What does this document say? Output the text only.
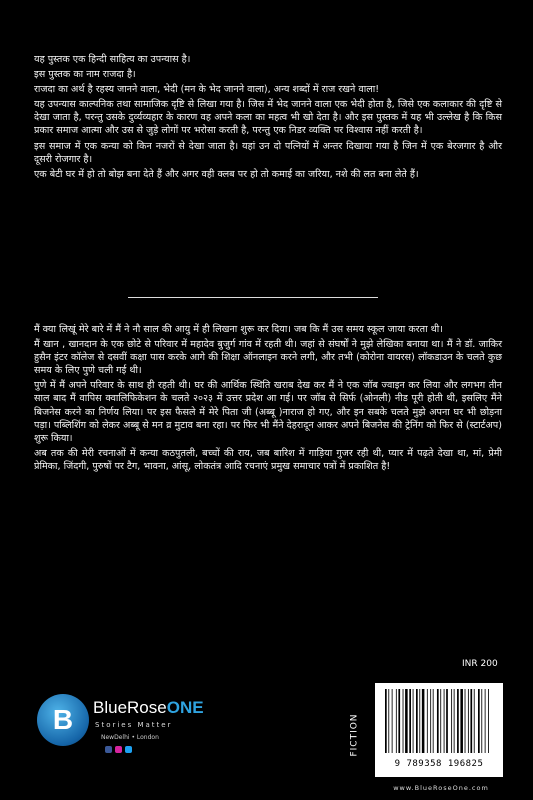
यह पुस्तक एक हिन्दी साहित्य का उपन्यास है।

इस पुस्तक का नाम राजदा है।

राजदा का अर्थ है रहस्य जानने वाला, भेदी (मन के भेद जानने वाला), अन्य शब्दों में राज रखने वाला!

यह उपन्यास काल्पनिक तथा सामाजिक दृष्टि से लिखा गया है। जिस में भेद जानने वाला एक भेदी होता है, जिसे एक कलाकार की दृष्टि से देखा जाता है, परन्तु उसके दुर्व्यव्यहार के कारण वह अपने कला का महत्व भी खो देता है। और इस पुस्तक में यह भी उल्लेख है कि किस प्रकार समाज आत्मा और उस से जुड़े लोगों पर भरोसा करती है, परन्तु एक निडर व्यक्ति पर विश्वास नहीं करती है।

इस समाज में एक कन्या को किन नजरों से देखा जाता है। यहां उन दो पत्नियों में अन्तर दिखाया गया है जिन में एक बेरजगार है और दूसरी रोजगार है।

एक बेटी घर में हो तो बोझ बना देते हैं और अगर वही क्लब पर हो तो कमाई का जरिया, नशे की लत बना लेते हैं।

मैं क्या लिखूं मेरे बारे में मैं ने नौ साल की आयु में ही लिखना शुरू कर दिया। जब कि मैं उस समय स्कूल जाया करता थी।

मैं खान , खानदान के एक छोटे से परिवार में महादेव बुजुर्ग गांव में रहती थी। जहां से संघर्षों ने मुझे लेखिका बनाया था। मैं ने डॉ. जाकिर हुसैन इंटर कॉलेज से दसवीं कक्षा पास करके आगे की शिक्षा ऑनलाइन करने लगी, और तभी (कोरोना वायरस) लॉकडाउन के चलते कुछ समय के लिए पुणे चली गई थी।

पुणे में मैं अपने परिवार के साथ ही रहती थी। घर की आर्थिक स्थिति खराब देख कर मैं ने एक जॉब ज्वाइन कर लिया और लगभग तीन साल बाद मैं वापिस क्वालिफिकेशन के चलते २०२३ में उत्तर प्रदेश आ गई। पर जॉब से सिर्फ (ओनली) नीड पूरी होती थी, इसलिए मैंने बिजनेस करने का निर्णय लिया। पर इस फैसले में मेरे पिता जी (अब्बू )नाराज हो गए, और इन सबके चलते मुझे अपना घर भी छोड़ना पड़ा। पब्लिशिंग को लेकर अब्बू से मन व्र मुटाव बना रहा। पर फिर भी मैंने देहरादून आकर अपने बिजनेस की ट्रेनिंग को फिर से (स्टार्टअप) शुरू किया।

अब तक की मेरी रचनाओं में कन्या कठपुतली, बच्चों की राय, जब बारिश में गाड़िया गुजर रही थी, प्यार में पढ़ते देखा था, मां, प्रेमी प्रेमिका, जिंदगी, पुरुषों पर टैग, भावना, आंसू, लोकतंत्र आदि रचनाएं प्रमुख समाचार पत्रों में प्रकाशित है!

INR 200
FICTION
B	BlueRoseONE
Stories Matter
NewDelhi • London

9 789358 196825
www.BlueRoseOne.com
